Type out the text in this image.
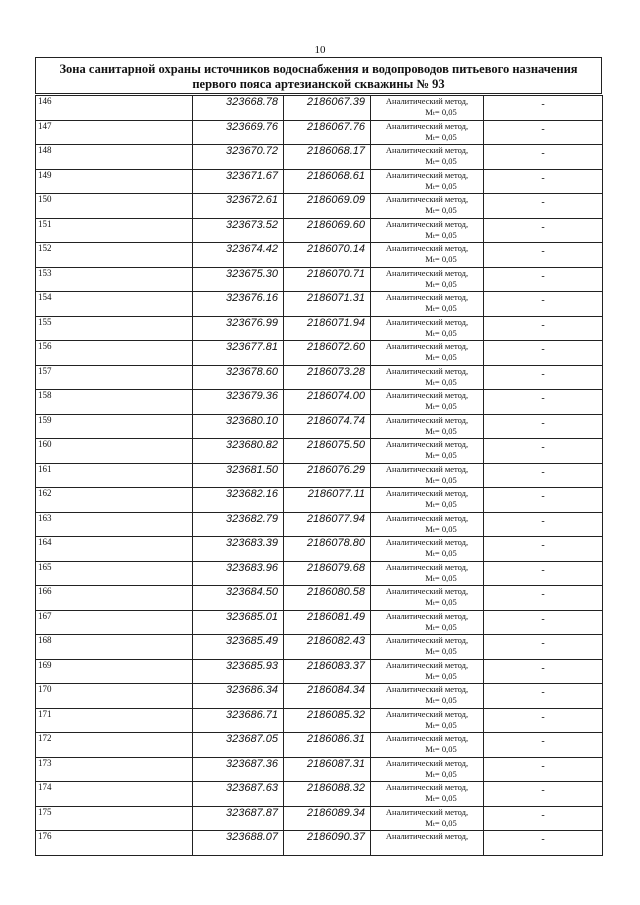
10
Зона санитарной охраны источников водоснабжения и водопроводов питьевого назначения
первого пояса артезианской скважины № 93
146	323668.78	2186067.39	Аналитический метод,
Mₜ= 0,05	-
147	323669.76	2186067.76	Аналитический метод,
Mₜ= 0,05	-
148	323670.72	2186068.17	Аналитический метод,
Mₜ= 0,05	-
149	323671.67	2186068.61	Аналитический метод,
Mₜ= 0,05	-
150	323672.61	2186069.09	Аналитический метод,
Mₜ= 0,05	-
151	323673.52	2186069.60	Аналитический метод,
Mₜ= 0,05	-
152	323674.42	2186070.14	Аналитический метод,
Mₜ= 0,05	-
153	323675.30	2186070.71	Аналитический метод,
Mₜ= 0,05	-
154	323676.16	2186071.31	Аналитический метод,
Mₜ= 0,05	-
155	323676.99	2186071.94	Аналитический метод,
Mₜ= 0,05	-
156	323677.81	2186072.60	Аналитический метод,
Mₜ= 0,05	-
157	323678.60	2186073.28	Аналитический метод,
Mₜ= 0,05	-
158	323679.36	2186074.00	Аналитический метод,
Mₜ= 0,05	-
159	323680.10	2186074.74	Аналитический метод,
Mₜ= 0,05	-
160	323680.82	2186075.50	Аналитический метод,
Mₜ= 0,05	-
161	323681.50	2186076.29	Аналитический метод,
Mₜ= 0,05	-
162	323682.16	2186077.11	Аналитический метод,
Mₜ= 0,05	-
163	323682.79	2186077.94	Аналитический метод,
Mₜ= 0,05	-
164	323683.39	2186078.80	Аналитический метод,
Mₜ= 0,05	-
165	323683.96	2186079.68	Аналитический метод,
Mₜ= 0,05	-
166	323684.50	2186080.58	Аналитический метод,
Mₜ= 0,05	-
167	323685.01	2186081.49	Аналитический метод,
Mₜ= 0,05	-
168	323685.49	2186082.43	Аналитический метод,
Mₜ= 0,05	-
169	323685.93	2186083.37	Аналитический метод,
Mₜ= 0,05	-
170	323686.34	2186084.34	Аналитический метод,
Mₜ= 0,05	-
171	323686.71	2186085.32	Аналитический метод,
Mₜ= 0,05	-
172	323687.05	2186086.31	Аналитический метод,
Mₜ= 0,05	-
173	323687.36	2186087.31	Аналитический метод,
Mₜ= 0,05	-
174	323687.63	2186088.32	Аналитический метод,
Mₜ= 0,05	-
175	323687.87	2186089.34	Аналитический метод,
Mₜ= 0,05	-
176	323688.07	2186090.37	Аналитический метод,	-
